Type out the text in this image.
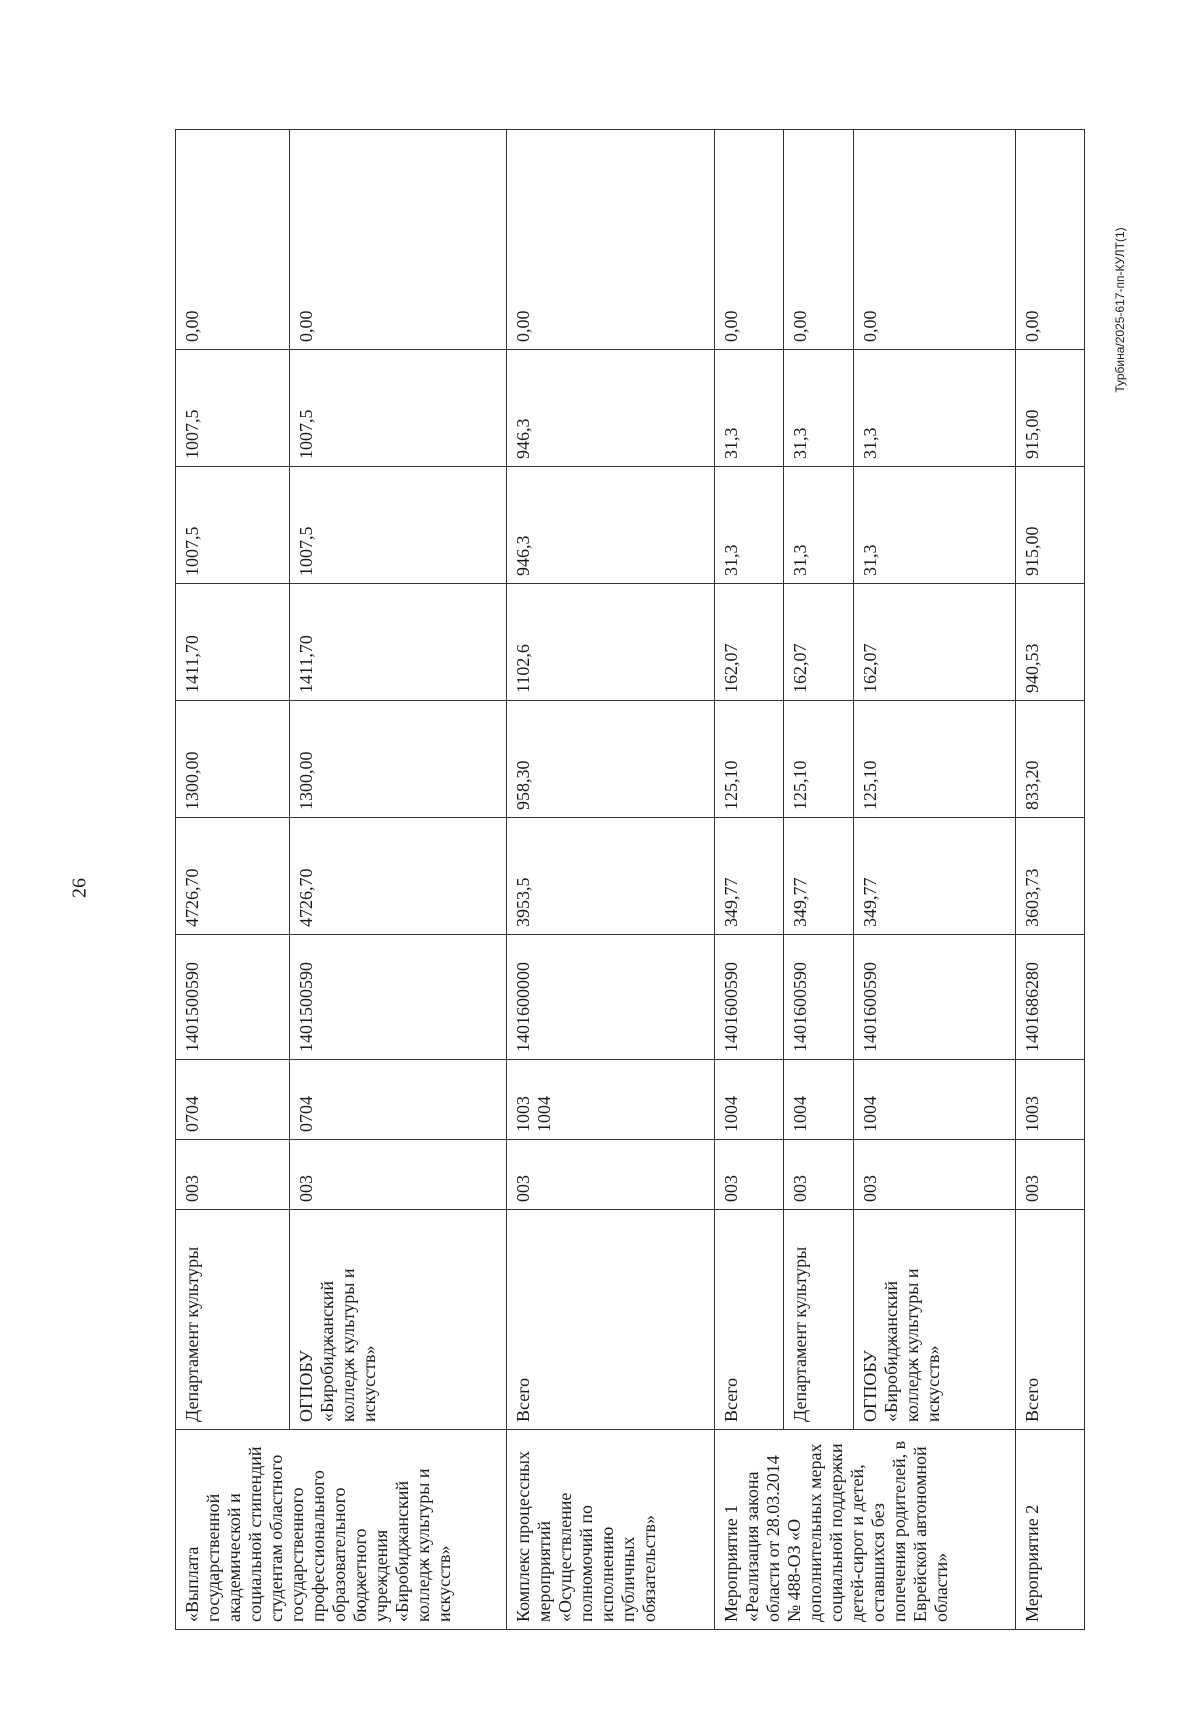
26
Турбина/2025-617-пп-КУЛТ(1)
«Выплата государственной академической и социальной стипендий студентам областного государственного профессионального образовательного бюджетного учреждения «Биробиджанский колледж культуры и искусств»	Департамент культуры	003	0704	1401500590	4726,70	1300,00	1411,70	1007,5	1007,5	0,00
	ОГПОБУ «Биробиджанский колледж культуры и искусств»	003	0704	1401500590	4726,70	1300,00	1411,70	1007,5	1007,5	0,00
Комплекс процессных мероприятий «Осуществление полномочий по исполнению публичных обязательств»	Всего	003	1003 1004	1401600000	3953,5	958,30	1102,6	946,3	946,3	0,00
Мероприятие 1 «Реализация закона области от 28.03.2014 № 488-ОЗ «О дополнительных мерах социальной поддержки детей-сирот и детей, оставшихся без попечения родителей, в Еврейской автономной области»	Всего	003	1004	1401600590	349,77	125,10	162,07	31,3	31,3	0,00
	Департамент культуры	003	1004	1401600590	349,77	125,10	162,07	31,3	31,3	0,00
	ОГПОБУ «Биробиджанский колледж культуры и искусств»	003	1004	1401600590	349,77	125,10	162,07	31,3	31,3	0,00
Мероприятие 2	Всего	003	1003	1401686280	3603,73	833,20	940,53	915,00	915,00	0,00
